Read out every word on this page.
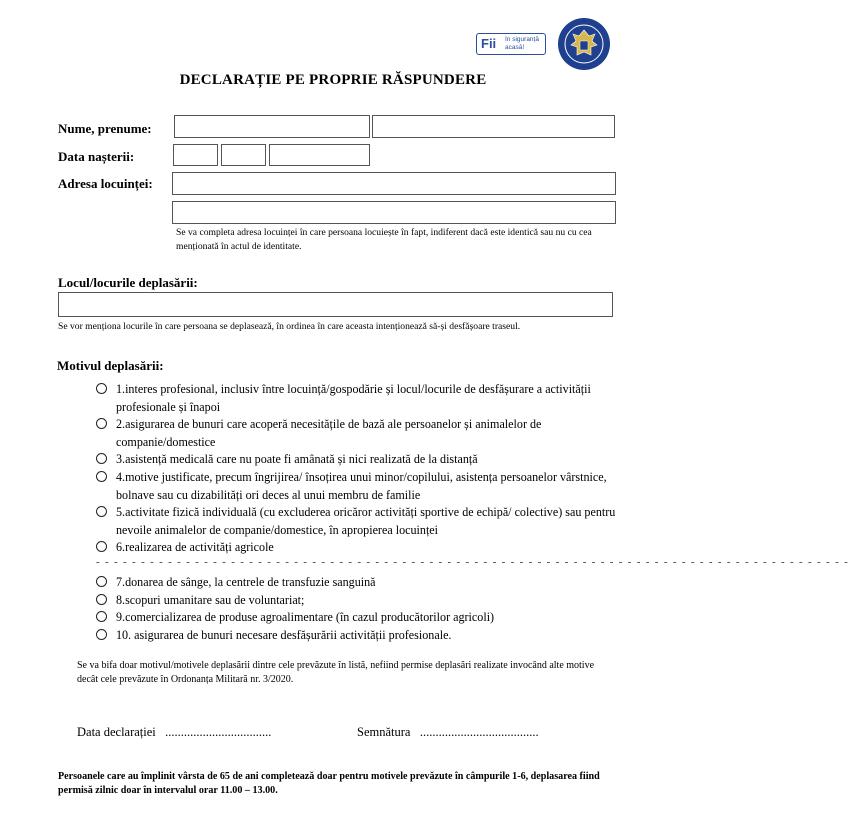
Fii în siguranță
acasă!
DECLARAȚIE PE PROPRIE RĂSPUNDERE
Nume, prenume:
Data nașterii:
Adresa locuinței:
Se va completa adresa locuinței în care persoana locuiește în fapt, indiferent dacă este identică sau nu cu cea menționată în actul de identitate.
Locul/locurile deplasării:
Se vor menționa locurile în care persoana se deplasează, în ordinea în care aceasta intenționează să-și desfășoare traseul.
Motivul deplasării:
1.interes profesional, inclusiv între locuință/gospodărie și locul/locurile de desfășurare a activității profesionale și înapoi
2.asigurarea de bunuri care acoperă necesitățile de bază ale persoanelor și animalelor de companie/domestice
3.asistență medicală care nu poate fi amânată și nici realizată de la distanță
4.motive justificate, precum îngrijirea/ însoțirea unui minor/copilului, asistența persoanelor vârstnice, bolnave sau cu dizabilități ori deces al unui membru de familie
5.activitate fizică individuală (cu excluderea oricăror activități sportive de echipă/ colective) sau pentru nevoile animalelor de companie/domestice, în apropierea locuinței
6.realizarea de activități agricole
- - - - - - - - - - - - - - - - - - - - - - - - - - - - - - - - - - - - - - - - - - - - - - - - - - - - - - - - - - - - - - - - - - - - - - - - - - - - - - - - - - - -
7.donarea de sânge, la centrele de transfuzie sanguină
8.scopuri umanitare sau de voluntariat;
9.comercializarea de produse agroalimentare (în cazul producătorilor agricoli)
10. asigurarea de bunuri necesare desfășurării activității profesionale.
Se va bifa doar motivul/motivele deplasării dintre cele prevăzute în listă, nefiind permise deplasări realizate invocând alte motive decât cele prevăzute în Ordonanța Militară nr. 3/2020.
Data declarației ..................................	Semnătura ......................................
Persoanele care au împlinit vârsta de 65 de ani completează doar pentru motivele prevăzute în câmpurile 1-6, deplasarea fiind permisă zilnic doar în intervalul orar 11.00 – 13.00.
